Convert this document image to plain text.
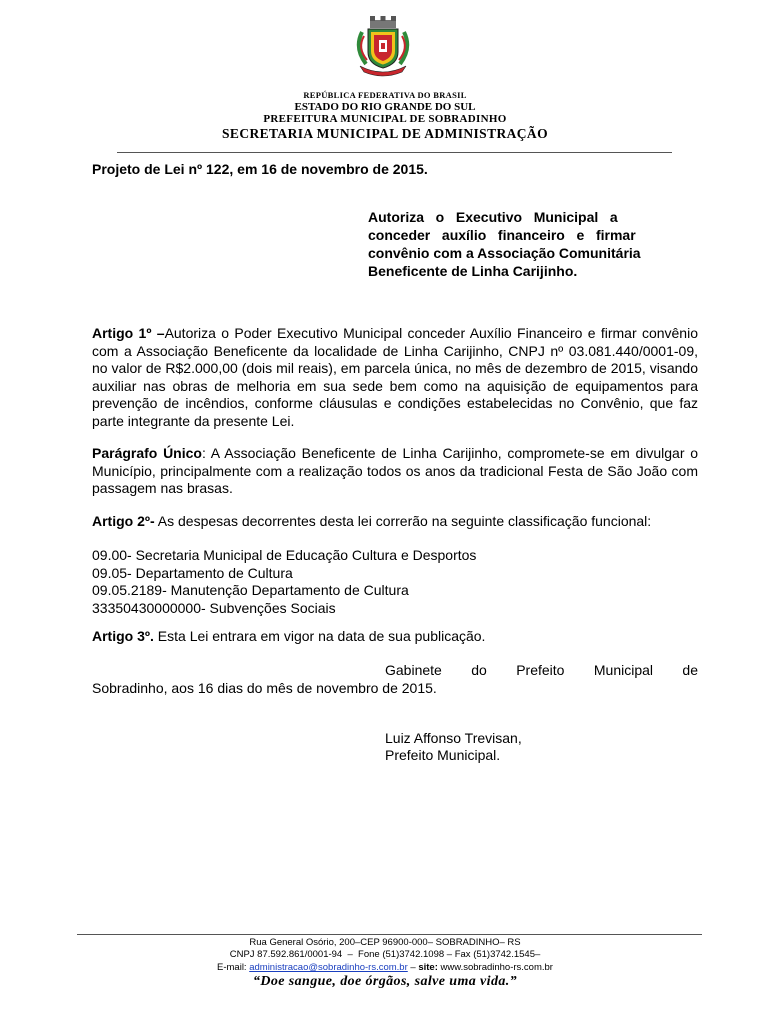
REPÚBLICA FEDERATIVA DO BRASIL
ESTADO DO RIO GRANDE DO SUL
PREFEITURA MUNICIPAL DE SOBRADINHO
SECRETARIA MUNICIPAL DE ADMINISTRAÇÃO
Projeto de Lei nº 122, em 16 de novembro de 2015.
Autoriza   o   Executivo   Municipal   a
conceder   auxílio   financeiro   e   firmar
convênio com a Associação Comunitária
Beneficente de Linha Carijinho.
Artigo 1º –Autoriza o Poder Executivo Municipal conceder Auxílio Financeiro e firmar convênio com a Associação Beneficente da localidade de Linha Carijinho, CNPJ nº 03.081.440/0001-09, no valor de R$2.000,00 (dois mil reais), em parcela única, no mês de dezembro de 2015, visando auxiliar nas obras de melhoria em sua sede bem como na aquisição de equipamentos para prevenção de incêndios, conforme cláusulas e condições estabelecidas no Convênio, que faz parte integrante da presente Lei.
Parágrafo Único: A Associação Beneficente de Linha Carijinho, compromete-se em divulgar o Município, principalmente com a realização todos os anos da tradicional Festa de São João com passagem nas brasas.
Artigo 2º- As despesas decorrentes desta lei correrão na seguinte classificação funcional:
09.00- Secretaria Municipal de Educação Cultura e Desportos
09.05- Departamento de Cultura
09.05.2189- Manutenção Departamento de Cultura
33350430000000- Subvenções Sociais
Artigo 3º. Esta Lei entrara em vigor na data de sua publicação.
Gabinete do Prefeito Municipal de
Sobradinho, aos 16 dias do mês de novembro de 2015.
Luiz Affonso Trevisan,
Prefeito Municipal.
Rua General Osório, 200–CEP 96900-000– SOBRADINHO– RS
CNPJ 87.592.861/0001-94  –  Fone (51)3742.1098 – Fax (51)3742.1545–
E-mail: administracao@sobradinho-rs.com.br – site: www.sobradinho-rs.com.br
“Doe sangue, doe órgãos, salve uma vida.”
